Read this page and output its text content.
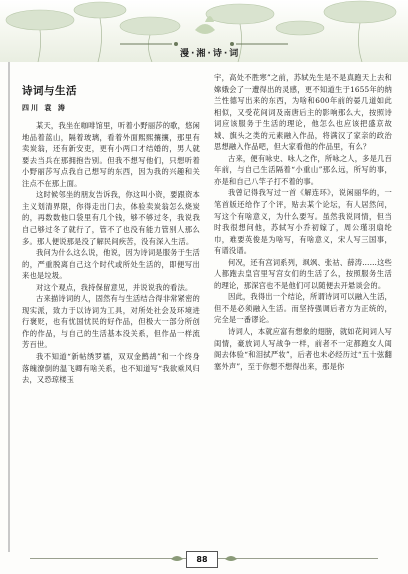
漫·湘·诗·词
诗词与生活
四川 袁 涛

某天，我坐在咖啡馆里，听着小野丽莎的歌，悠闲地品着蓝山，隔着玻璃，看着外面熙熙攘攘，那里有卖炭翁，还有新安吏，更有小两口才结婚的，男人就要去当兵在那拥抱告别。但我不想写他们，只想听着小野丽莎写点我自己想写的东西，因为我的兴趣和关注点不在那上面。

这时候邻坐的朋友告诉我，你这叫小资，要跟资本主义划清界限，你得走出门去，体验卖炭翁怎么烧炭的，再数数他口袋里有几个钱，够不够过冬，我说我自己够过冬了就行了，管不了也没有能力管别人那么多。那人便说那是没了解民间疾苦，没有深入生活。

我问为什么这么说，他说，因为诗词是服务于生活的，严重脱离自己这个时代或所处生活的，即便写出来也是垃圾。

对这个观点，我持保留意见，并说说我的看法。

古来描诗词的人，固然有与生活结合得非常紧密的现实派，致力于以诗词为工具，对所处社会及环境进行褒贬，也有忧国忧民的好作品，但极大一部分所创作的作品，与自己的生活基本没关系，但作品一样流芳百世。

我不知道“新帖绣罗襦，双双金鹧鸪”和一个终身落魄潦倒的温飞卿有啥关系，也不知道写“我欲乘风归去，又恐琼楼玉

宇，高处不胜寒”之前，苏轼先生是不是真跑天上去和嫦娥会了一遭得出的灵感，更不知道生于1655年的纳兰性德写出来的东西，为啥和600年前的晏几道如此相似，又受花间词及南唐后主的影响那么大，按照诗词应该服务于生活的理论，他怎么也应该把盛京故城、旗头之类的元素融入作品，将满汉了家亲的政治思想融入作品吧，但大家看他的作品里，有么？

古来，便有咏史、咏人之作，所咏之人，多是几百年前，与自己生活隔着“小重山”那么远，所写的事，亦是和自己八竿子打不着的事。

我曾记得我写过一首《解连环》，说闲丽华的，一笔首版还给作了个评，贴去某个论坛，有人居然问，写这个有啥意义，为什么要写。虽然我说同情，但当时我很想问他，苏轼写小乔初嫁了，周公瑾羽扇纶巾，难要英俊是为啥写，有啥意义，宋人写三国事，有谱没谱。

何况，还有宫词系列，飒飒、张祜、薛涛……这些人都跑去皇宫里写宫女们的生活了么，按照服务生活的理论，那深宫也不是他们可以随便去开悬谈会的。

因此，我得出一个结论，所谓诗词可以融入生活，但不是必须融入生活。而坚持强调后者方为正统的，完全是一番谬论。

诗词人，本就应富有想象的翅膀，就如花间词人写闺情，豪放词人写战争一样，前者不一定都跑女人闺阁去体验“和泪拭严妆”，后者也未必经历过“五十弦翻塞外声”，至于你想不想得出来，那是你

88
